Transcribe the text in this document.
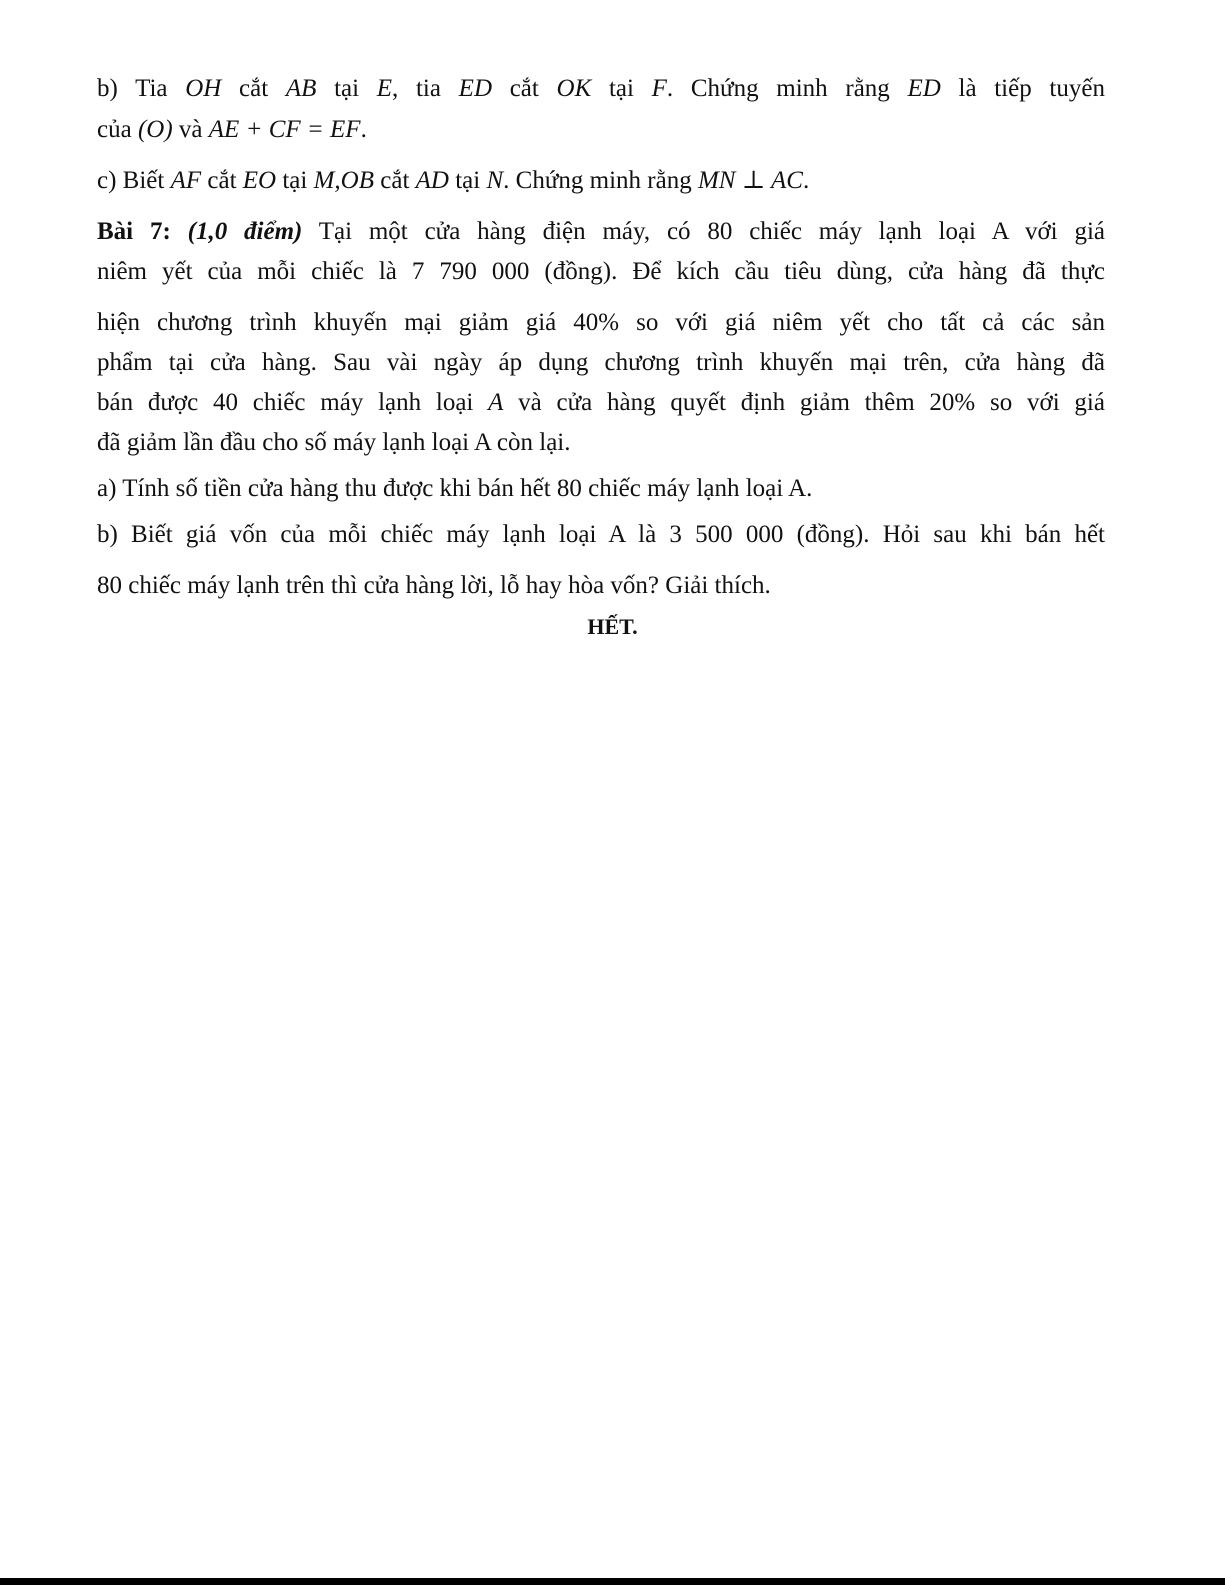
b) Tia OH cắt AB tại E, tia ED cắt OK tại F. Chứng minh rằng ED là tiếp tuyến
của (O) và AE + CF = EF.
c) Biết AF cắt EO tại M,OB cắt AD tại N. Chứng minh rằng MN ⊥ AC.
Bài 7: (1,0 điểm) Tại một cửa hàng điện máy, có 80 chiếc máy lạnh loại A với giá
niêm yết của mỗi chiếc là 7 790 000 (đồng). Để kích cầu tiêu dùng, cửa hàng đã thực
hiện chương trình khuyến mại giảm giá 40% so với giá niêm yết cho tất cả các sản
phẩm tại cửa hàng. Sau vài ngày áp dụng chương trình khuyến mại trên, cửa hàng đã
bán được 40 chiếc máy lạnh loại A và cửa hàng quyết định giảm thêm 20% so với giá
đã giảm lần đầu cho số máy lạnh loại A còn lại.
a) Tính số tiền cửa hàng thu được khi bán hết 80 chiếc máy lạnh loại A.
b) Biết giá vốn của mỗi chiếc máy lạnh loại A là 3 500 000 (đồng). Hỏi sau khi bán hết
80 chiếc máy lạnh trên thì cửa hàng lời, lỗ hay hòa vốn? Giải thích.
HẾT.
